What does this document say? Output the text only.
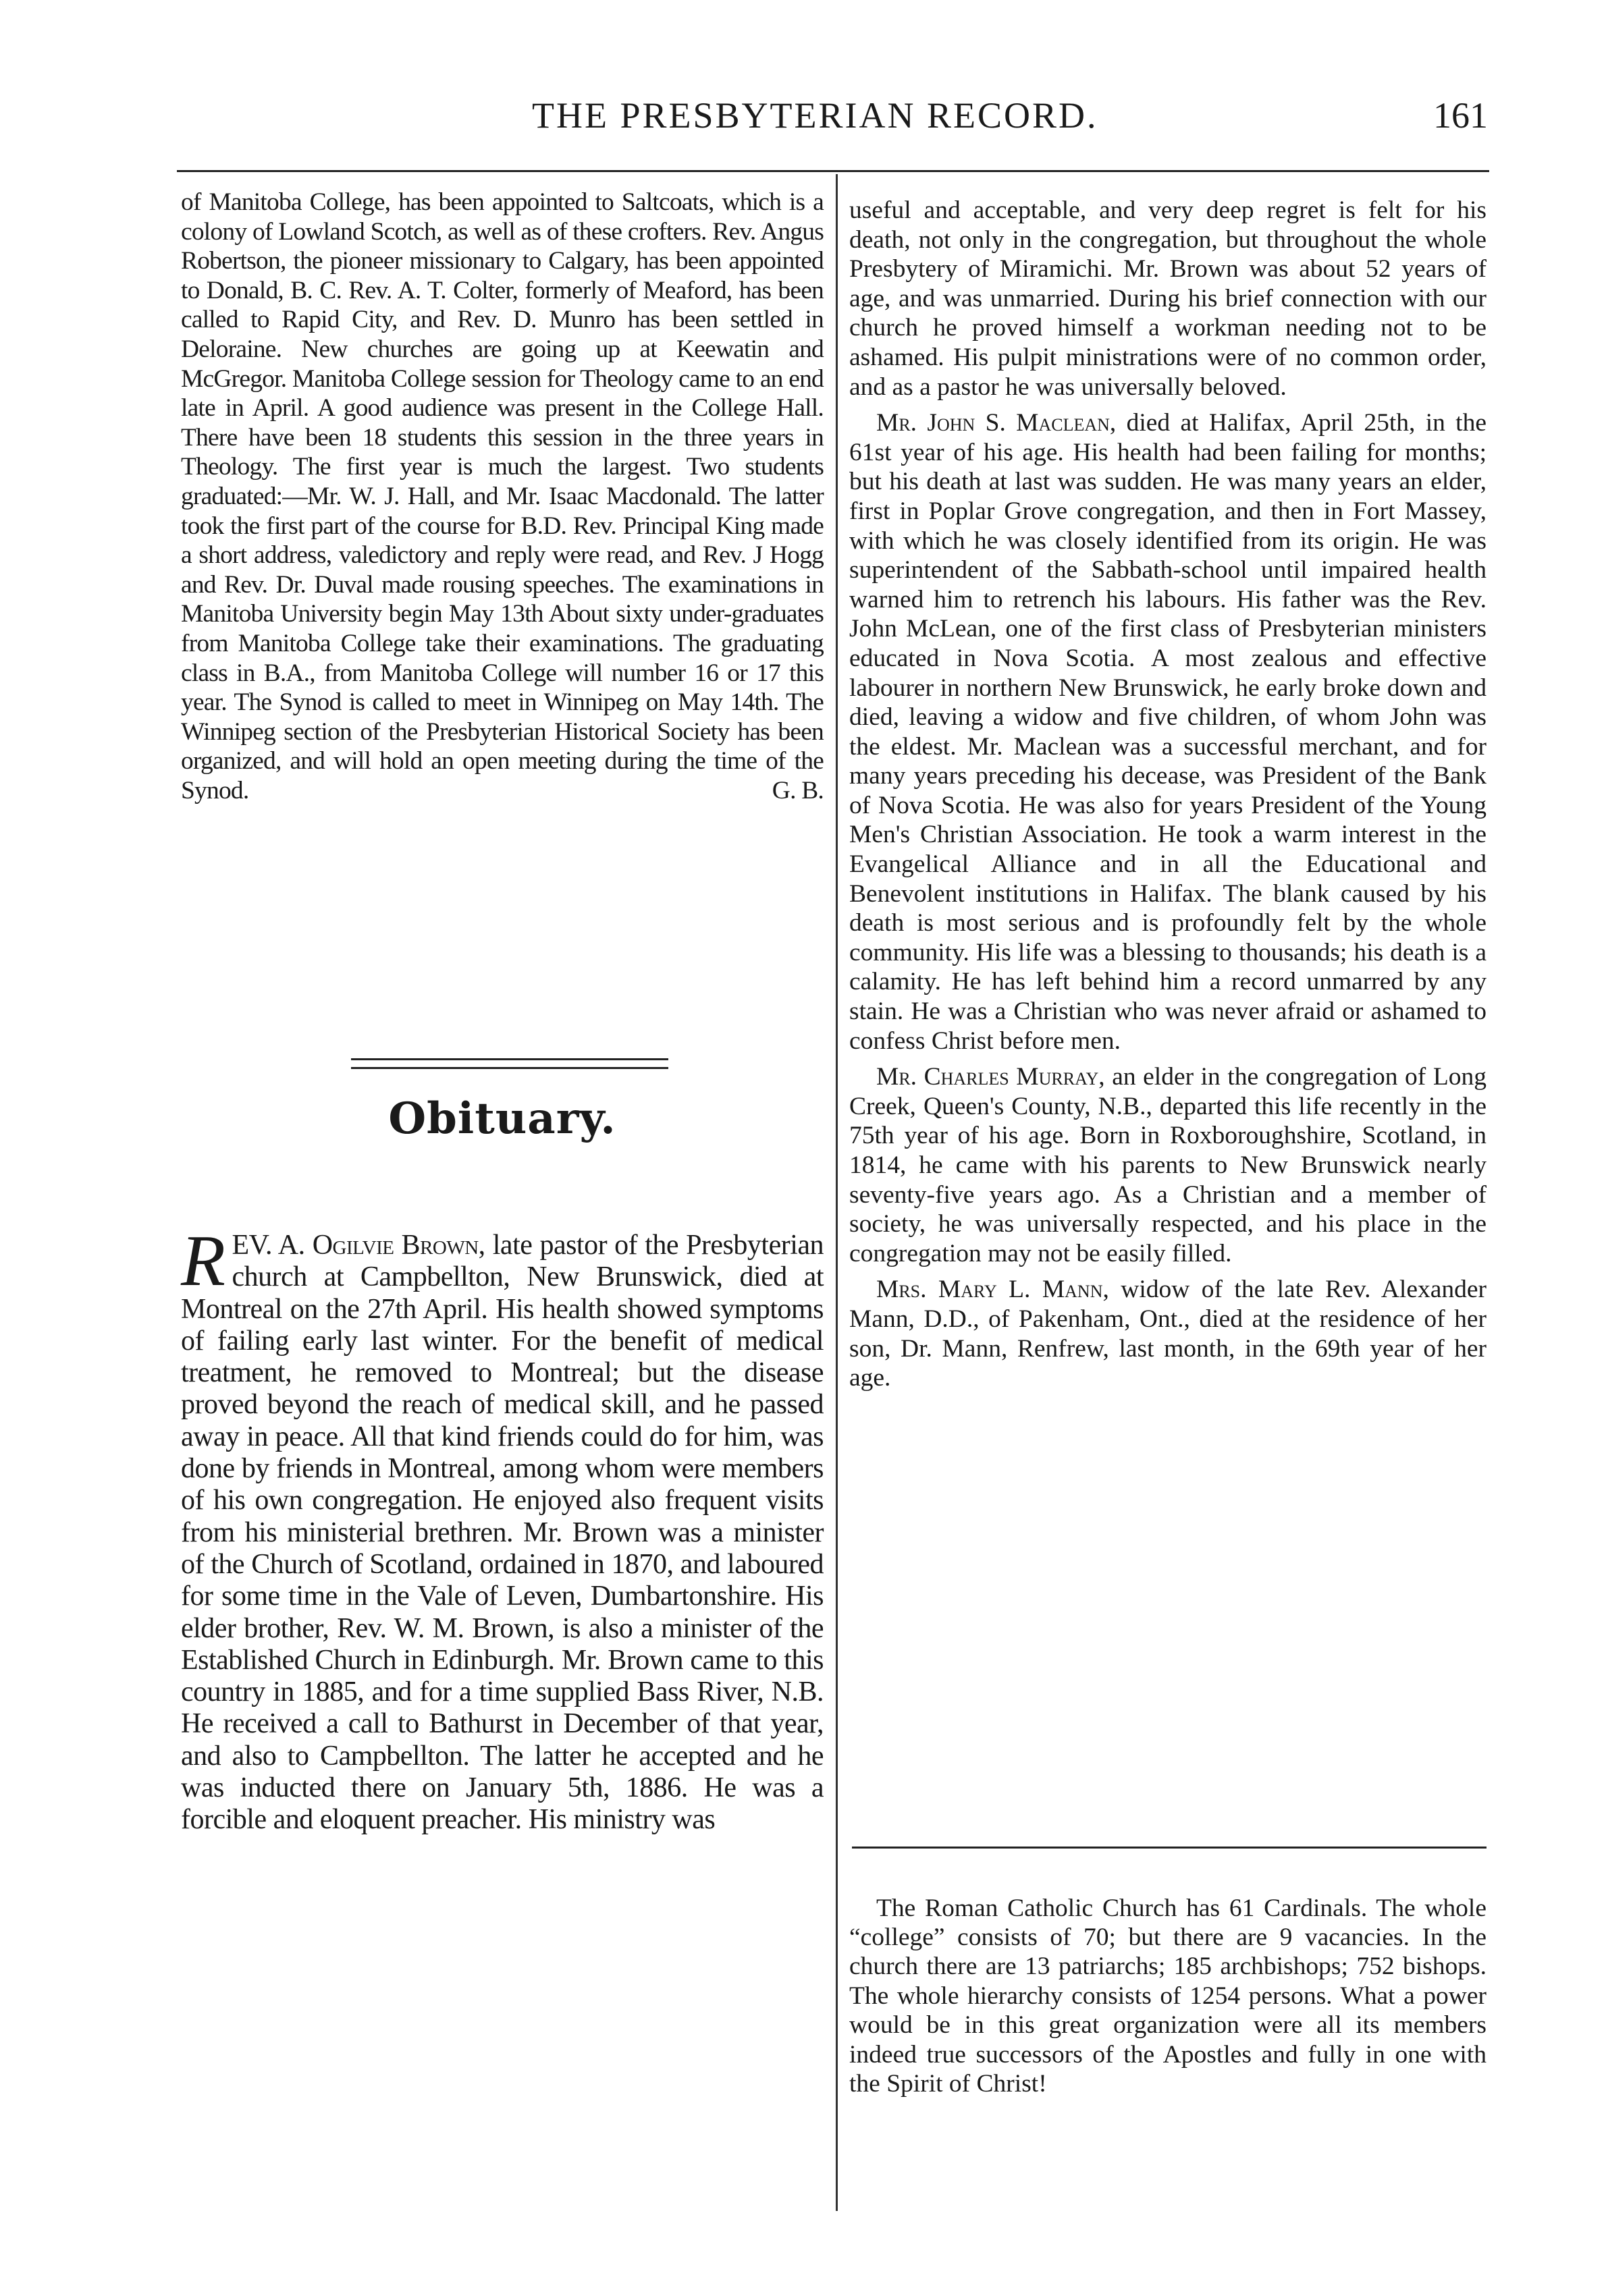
THE PRESBYTERIAN RECORD.	161

of Manitoba College, has been appointed to Saltcoats, which is a colony of Lowland Scotch, as well as of these crofters. Rev. Angus Robertson, the pioneer missionary to Calgary, has been appointed to Donald, B. C. Rev. A. T. Colter, formerly of Meaford, has been called to Rapid City, and Rev. D. Munro has been settled in Deloraine. New churches are going up at Keewatin and McGregor. Manitoba College session for Theology came to an end late in April. A good audience was present in the College Hall. There have been 18 students this session in the three years in Theology. The first year is much the largest. Two students graduated:—Mr. W. J. Hall, and Mr. Isaac Macdonald. The latter took the first part of the course for B.D. Rev. Principal King made a short address, valedictory and reply were read, and Rev. J Hogg and Rev. Dr. Duval made rousing speeches. The examinations in Manitoba University begin May 13th About sixty under-graduates from Manitoba College take their examinations. The graduating class in B.A., from Manitoba College will number 16 or 17 this year. The Synod is called to meet in Winnipeg on May 14th. The Winnipeg section of the Presbyterian Historical Society has been organized, and will hold an open meeting during the time of the Synod.	G. B.

Obituary.

REV. A. Ogilvie Brown, late pastor of the Presbyterian church at Campbellton, New Brunswick, died at Montreal on the 27th April. His health showed symptoms of failing early last winter. For the benefit of medical treatment, he removed to Montreal; but the disease proved beyond the reach of medical skill, and he passed away in peace. All that kind friends could do for him, was done by friends in Montreal, among whom were members of his own congregation. He enjoyed also frequent visits from his ministerial brethren. Mr. Brown was a minister of the Church of Scotland, ordained in 1870, and laboured for some time in the Vale of Leven, Dumbartonshire. His elder brother, Rev. W. M. Brown, is also a minister of the Established Church in Edinburgh. Mr. Brown came to this country in 1885, and for a time supplied Bass River, N.B. He received a call to Bathurst in December of that year, and also to Campbellton. The latter he accepted and he was inducted there on January 5th, 1886. He was a forcible and eloquent preacher. His ministry was

useful and acceptable, and very deep regret is felt for his death, not only in the congregation, but throughout the whole Presbytery of Miramichi. Mr. Brown was about 52 years of age, and was unmarried. During his brief connection with our church he proved himself a workman needing not to be ashamed. His pulpit ministrations were of no common order, and as a pastor he was universally beloved.

Mr. John S. Maclean, died at Halifax, April 25th, in the 61st year of his age. His health had been failing for months; but his death at last was sudden. He was many years an elder, first in Poplar Grove congregation, and then in Fort Massey, with which he was closely identified from its origin. He was superintendent of the Sabbath-school until impaired health warned him to retrench his labours. His father was the Rev. John McLean, one of the first class of Presbyterian ministers educated in Nova Scotia. A most zealous and effective labourer in northern New Brunswick, he early broke down and died, leaving a widow and five children, of whom John was the eldest. Mr. Maclean was a successful merchant, and for many years preceding his decease, was President of the Bank of Nova Scotia. He was also for years President of the Young Men's Christian Association. He took a warm interest in the Evangelical Alliance and in all the Educational and Benevolent institutions in Halifax. The blank caused by his death is most serious and is profoundly felt by the whole community. His life was a blessing to thousands; his death is a calamity. He has left behind him a record unmarred by any stain. He was a Christian who was never afraid or ashamed to confess Christ before men.

Mr. Charles Murray, an elder in the congregation of Long Creek, Queen's County, N.B., departed this life recently in the 75th year of his age. Born in Roxboroughshire, Scotland, in 1814, he came with his parents to New Brunswick nearly seventy-five years ago. As a Christian and a member of society, he was universally respected, and his place in the congregation may not be easily filled.

Mrs. Mary L. Mann, widow of the late Rev. Alexander Mann, D.D., of Pakenham, Ont., died at the residence of her son, Dr. Mann, Renfrew, last month, in the 69th year of her age.

The Roman Catholic Church has 61 Cardinals. The whole “college” consists of 70; but there are 9 vacancies. In the church there are 13 patriarchs; 185 archbishops; 752 bishops. The whole hierarchy consists of 1254 persons. What a power would be in this great organization were all its members indeed true successors of the Apostles and fully in one with the Spirit of Christ!
